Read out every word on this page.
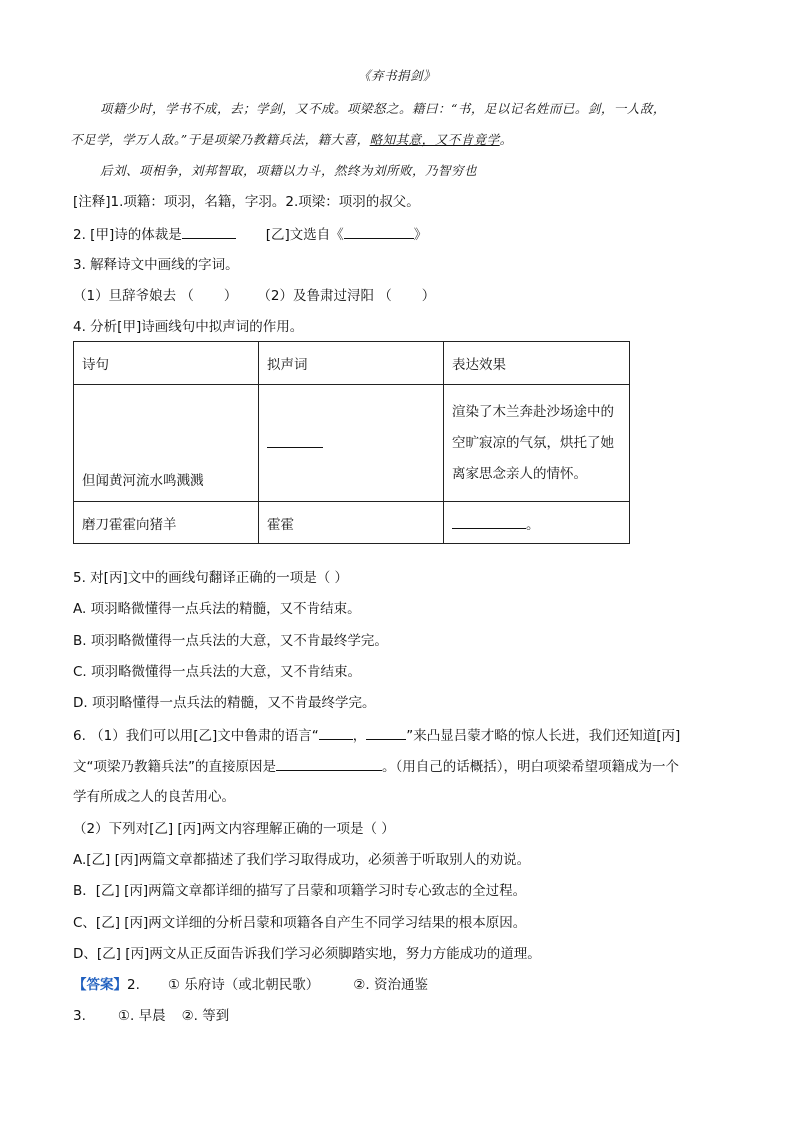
《弃书捐剑》
项籍少时，学书不成，去；学剑，又不成。项梁怒之。籍曰：“书，足以记名姓而已。剑，一人敌，
不足学，学万人敌。”于是项梁乃教籍兵法，籍大喜，略知其意，又不肯竟学。
后刘、项相争，刘邦智取，项籍以力斗，然终为刘所败，乃智穷也
[注释]1.项籍：项羽，名籍，字羽。2.项梁：项羽的叔父。
2. [甲]诗的体裁是	[乙]文选自《	》
3. 解释诗文中画线的字词。
（1）旦辞爷娘去 （ ） （2）及鲁肃过浔阳 （ ）
4. 分析[甲]诗画线句中拟声词的作用。
诗句	拟声词	表达效果
但闻黄河流水鸣溅溅		渲染了木兰奔赴沙场途中的
空旷寂凉的气氛，烘托了她
离家思念亲人的情怀。

磨刀霍霍向猪羊	霍霍	。
5. 对[丙]文中的画线句翻译正确的一项是（ ）
A. 项羽略微懂得一点兵法的精髓，又不肯结束。
B. 项羽略微懂得一点兵法的大意，又不肯最终学完。
C. 项羽略微懂得一点兵法的大意，又不肯结束。
D. 项羽略懂得一点兵法的精髓，又不肯最终学完。
6. （1）我们可以用[乙]文中鲁肃的语言“	，	”来凸显吕蒙才略的惊人长进，我们还知道[丙]
文“项梁乃教籍兵法”的直接原因是	。（用自己的话概括），明白项梁希望项籍成为一个
学有所成之人的良苦用心。
（2）下列对[乙] [丙]两文内容理解正确的一项是（ ）
A.[乙] [丙]两篇文章都描述了我们学习取得成功，必须善于听取别人的劝说。
B．[乙] [丙]两篇文章都详细的描写了吕蒙和项籍学习时专心致志的全过程。
C、[乙] [丙]两文详细的分析吕蒙和项籍各自产生不同学习结果的根本原因。
D、[乙] [丙]两文从正反面告诉我们学习必须脚踏实地，努力方能成功的道理。
【答案】2. ① 乐府诗（或北朝民歌）	②. 资治通鉴
3. ①. 早晨 ②. 等到
